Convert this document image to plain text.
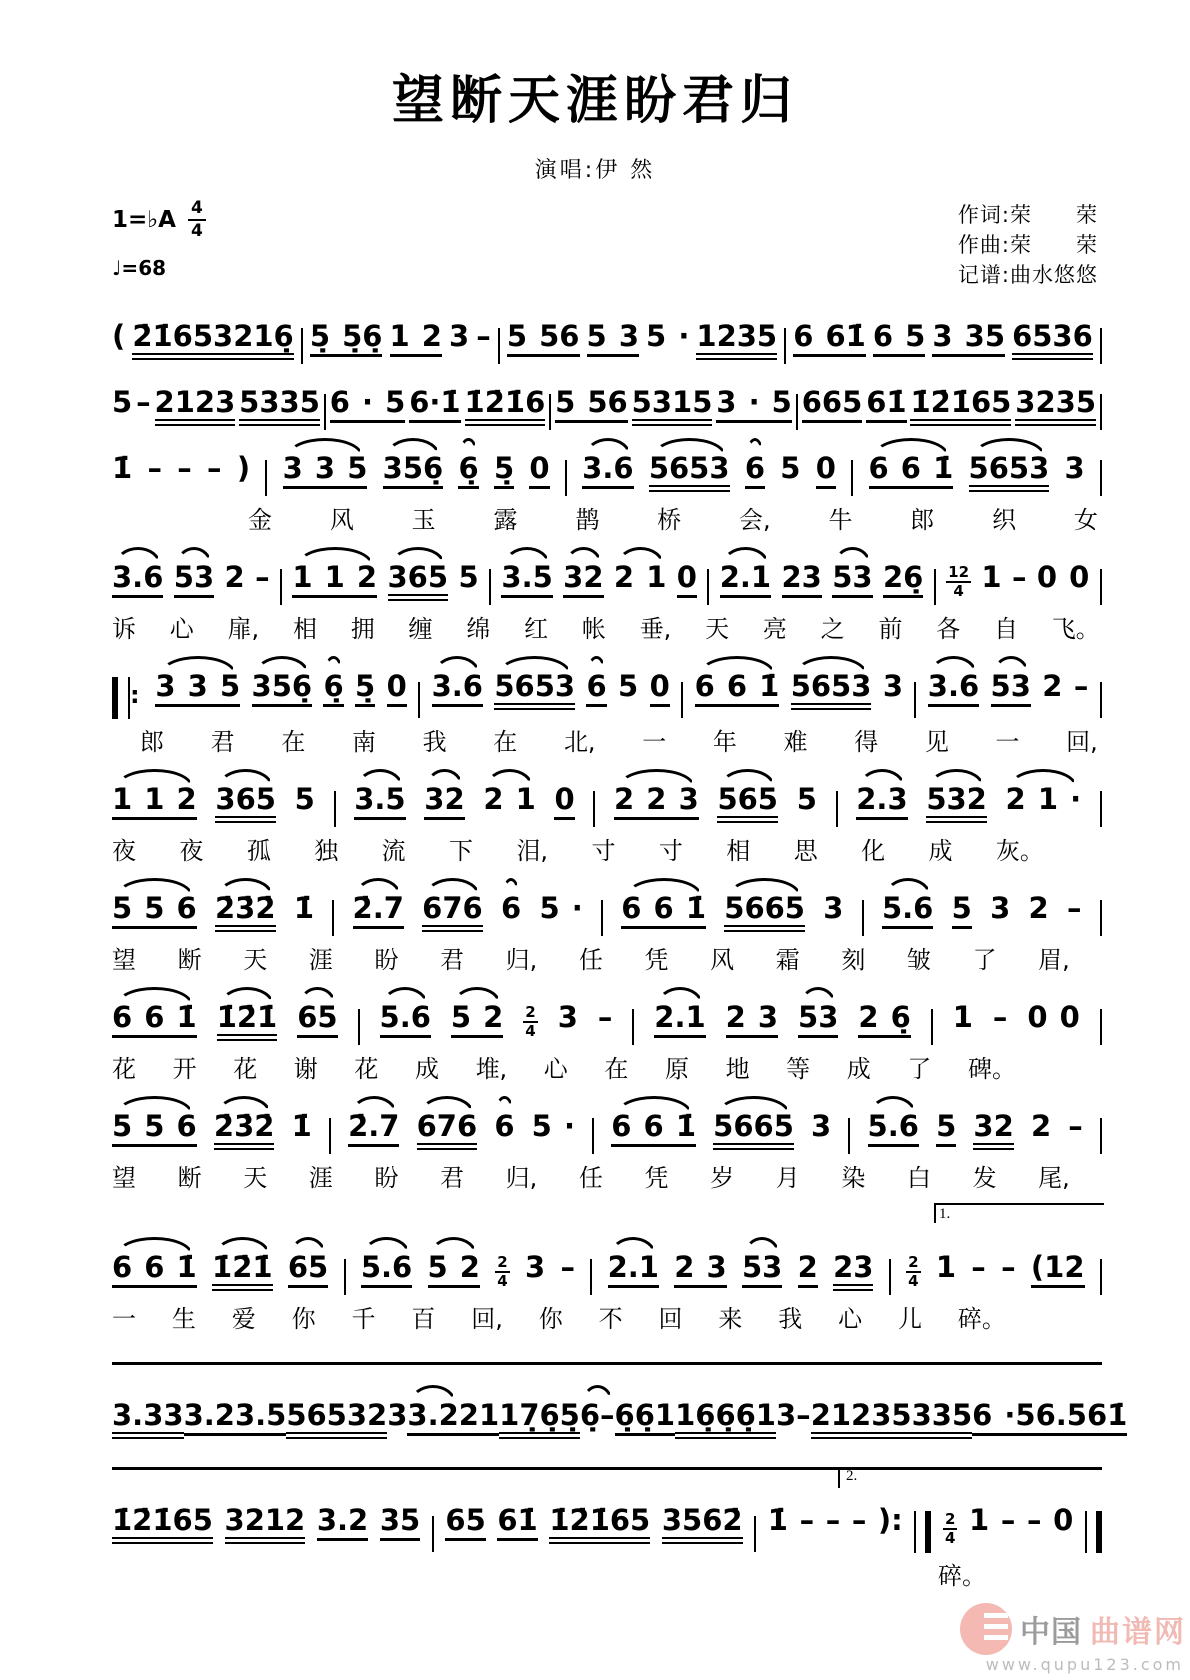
望断天涯盼君归
演唱:伊 然
1=♭A $\frac{4}{4}$
♩=68
作词: 荣　　荣
作曲: 荣　　荣
记谱: 曲水悠悠
( 2̇1̇653216̣ 5̣ 5̣6̣ 1 2 3 – 5 56 5 3 5 · 1235 6 61̇ 6 5 3 35 6536
5 – 2123 5335 6 · 5 6·1̇ 1̇2̇1̇6 5 56 5315 3 · 5 665 61̇ 1̇2̇1̇65 3235
1̇ – – – ) 3 3 5 356̣ 6̣ 5̣ 0 3.6 5653 6 5 0 6 6 1̇ 5653 3
金 风 玉 露 鹊 桥 会, 牛 郎 织 女
3.6 53 2 – 1 1 2 365 5 3.5 32 2 1 0 2.1 23 53 26̣ $\frac{12}{4} 1 - 0$ 0
诉 心 扉, 相 拥 缠 绵 红 帐 垂, 天 亮 之 前 各 自 飞。
:
3 3 5 356̣ 6̣ 5̣ 0 3.6 5653 6 5 0 6 6 1̇ 5653 3 3.6 53 2 –
郎 君 在 南 我 在 北, 一 年 难 得 见 一 回,
1 1 2 365 5 3.5 32 2 1 0 2 2 3 565 5 2.3 532 2 1 ·
夜 夜 孤 独 流 下 泪, 寸 寸 相 思 化 成 灰。
5 5 6 2̇3̇2̇ 1̇ 2̇.7 676 6 5 · 6 6 1̇ 5665 3 5.6 5 3 2 –
望 断 天 涯 盼 君 归, 任 凭 风 霜 刻 皱 了 眉,
6 6 1̇ 1̇2̇1̇ 65 5.6 5 $2 \frac{2}{4} 3 - 2.1$ 2 3 53 2 6̣ 1 – 0 0
花 开 花 谢 花 成 堆, 心 在 原 地 等 成 了 碑。
5 5 6 2̇3̇2̇ 1̇ 2̇.7 676 6 5 · 6 6 1̇ 5665 3 5.6 5 32 2 –
望 断 天 涯 盼 君 归, 任 凭 岁 月 染 白 发 尾,
1.
6 6 1̇ 1̇2̇1̇ 65 5.6 5 $2 \frac{2}{4} 3 - 2.1$ 2 3 53 2 $23 \frac{2}{4} 1$ – – (12
一 生 爱 你 千 百 回, 你 不 回 来 我 心 儿 碎。
3.33 3.2 3.5 56532 3 3.2 21 17̣6̣5̣ 6̣– 6̣6̣1 16̣6̣6̣1 3– 2123 5335 6 ·5 6.5 61̇
2.
1̇2̇1̇65 3212 3.2 35 65 61̇ 1̇2̇1̇65 3562̇ 1̇ – – – ):	$\frac{2}{4} 1$ – – 0
碎。
中国 曲谱网
www.qupu123.com
